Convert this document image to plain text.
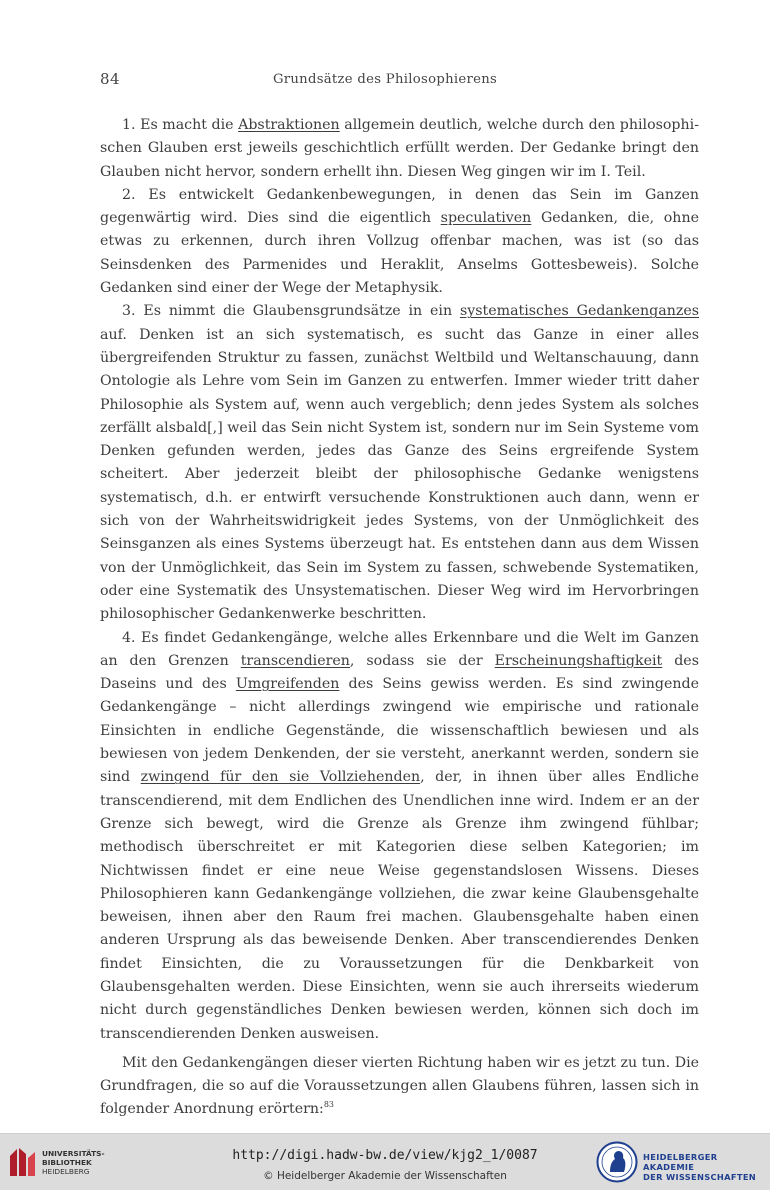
84	Grundsätze des Philosophierens

1. Es macht die Abstraktionen allgemein deutlich, welche durch den philosophischen Glauben erst jeweils geschichtlich erfüllt werden. Der Gedanke bringt den Glauben nicht hervor, sondern erhellt ihn. Diesen Weg gingen wir im I. Teil.

2. Es entwickelt Gedankenbewegungen, in denen das Sein im Ganzen gegenwärtig wird. Dies sind die eigentlich speculativen Gedanken, die, ohne etwas zu erkennen, durch ihren Vollzug offenbar machen, was ist (so das Seinsdenken des Parmenides und Heraklit, Anselms Gottesbeweis). Solche Gedanken sind einer der Wege der Metaphysik.

3. Es nimmt die Glaubensgrundsätze in ein systematisches Gedankenganzes auf. Denken ist an sich systematisch, es sucht das Ganze in einer alles übergreifenden Struktur zu fassen, zunächst Weltbild und Weltanschauung, dann Ontologie als Lehre vom Sein im Ganzen zu entwerfen. Immer wieder tritt daher Philosophie als System auf, wenn auch vergeblich; denn jedes System als solches zerfällt alsbald[,] weil das Sein nicht System ist, sondern nur im Sein Systeme vom Denken gefunden werden, jedes das Ganze des Seins ergreifende System scheitert. Aber jederzeit bleibt der philosophische Gedanke wenigstens systematisch, d.h. er entwirft versuchende Konstruktionen auch dann, wenn er sich von der Wahrheitswidrigkeit jedes Systems, von der Unmöglichkeit des Seinsganzen als eines Systems überzeugt hat. Es entstehen dann aus dem Wissen von der Unmöglichkeit, das Sein im System zu fassen, schwebende Systematiken, oder eine Systematik des Unsystematischen. Dieser Weg wird im Hervorbringen philosophischer Gedankenwerke beschritten.

4. Es findet Gedankengänge, welche alles Erkennbare und die Welt im Ganzen an den Grenzen transcendieren, sodass sie der Erscheinungshaftigkeit des Daseins und des Umgreifenden des Seins gewiss werden. Es sind zwingende Gedankengänge – nicht allerdings zwingend wie empirische und rationale Einsichten in endliche Gegenstände, die wissenschaftlich bewiesen und als bewiesen von jedem Denkenden, der sie versteht, anerkannt werden, sondern sie sind zwingend für den sie Vollziehenden, der, in ihnen über alles Endliche transcendierend, mit dem Endlichen des Unendlichen inne wird. Indem er an der Grenze sich bewegt, wird die Grenze als Grenze ihm zwingend fühlbar; methodisch überschreitet er mit Kategorien diese selben Kategorien; im Nichtwissen findet er eine neue Weise gegenstandslosen Wissens. Dieses Philosophieren kann Gedankengänge vollziehen, die zwar keine Glaubensgehalte beweisen, ihnen aber den Raum frei machen. Glaubensgehalte haben einen anderen Ursprung als das beweisende Denken. Aber transcendierendes Denken findet Einsichten, die zu Voraussetzungen für die Denkbarkeit von Glaubensgehalten werden. Diese Einsichten, wenn sie auch ihrerseits wiederum nicht durch gegenständliches Denken bewiesen werden, können sich doch im transcendierenden Denken ausweisen.

Mit den Gedankengängen dieser vierten Richtung haben wir es jetzt zu tun. Die Grundfragen, die so auf die Voraussetzungen allen Glaubens führen, lassen sich in folgender Anordnung erörtern:$^{83}$

UNIVERSITÄTS-
BIBLIOTHEK
HEIDELBERG
http://digi.hadw-bw.de/view/kjg2_1/0087
© Heidelberger Akademie der Wissenschaften
HEIDELBERGER AKADEMIE
DER WISSENSCHAFTEN
